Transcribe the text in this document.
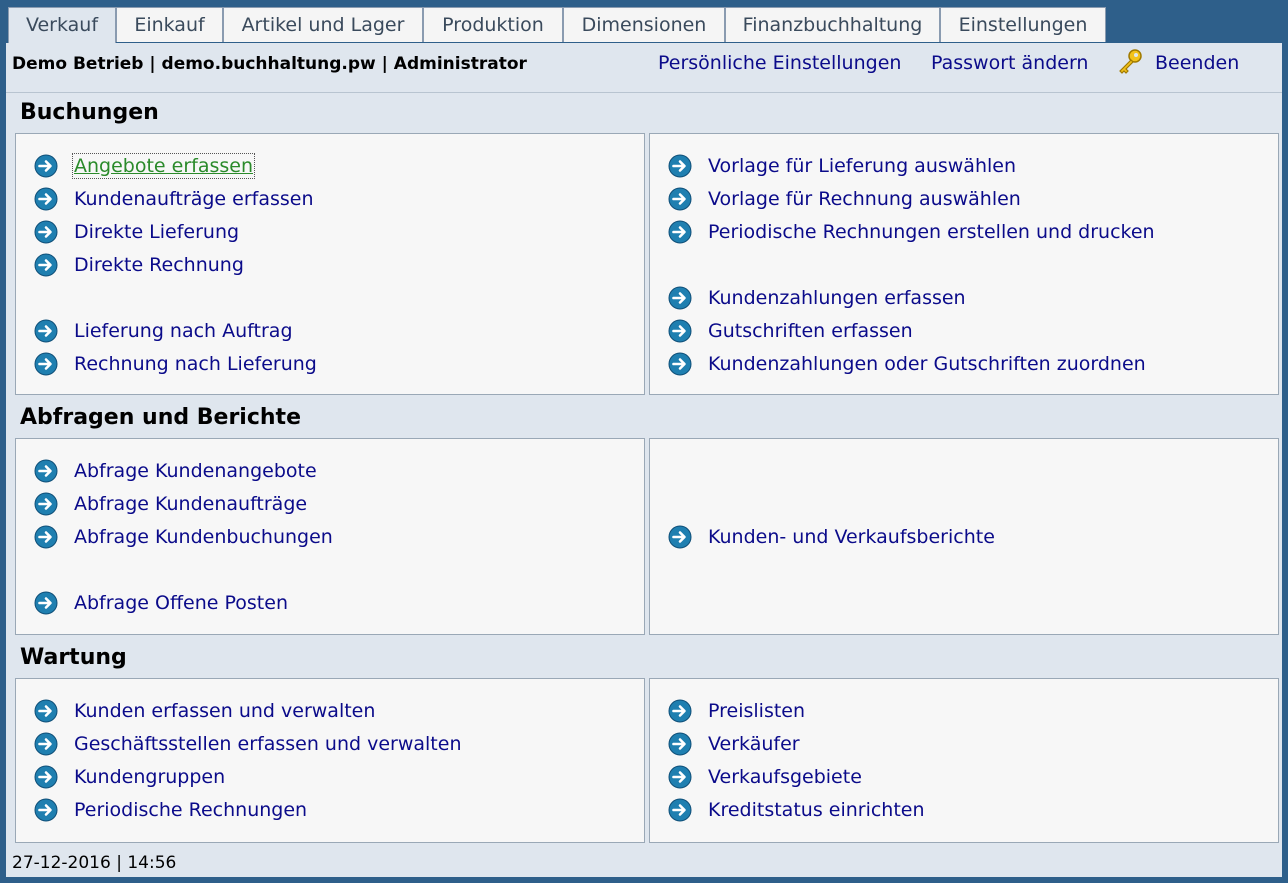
Verkauf	Einkauf	Artikel und Lager	Produktion	Dimensionen	Finanzbuchhaltung	Einstellungen
Demo Betrieb | demo.buchhaltung.pw | Administrator	Persönliche Einstellungen Passwort ändern	Beenden
Buchungen
Angebote erfassen
Kundenaufträge erfassen
Direkte Lieferung
Direkte Rechnung
Lieferung nach Auftrag
Rechnung nach Lieferung
Vorlage für Lieferung auswählen
Vorlage für Rechnung auswählen
Periodische Rechnungen erstellen und drucken
Kundenzahlungen erfassen
Gutschriften erfassen
Kundenzahlungen oder Gutschriften zuordnen
Abfragen und Berichte
Abfrage Kundenangebote
Abfrage Kundenaufträge
Abfrage Kundenbuchungen
Abfrage Offene Posten
Kunden- und Verkaufsberichte
Wartung
Kunden erfassen und verwalten
Geschäftsstellen erfassen und verwalten
Kundengruppen
Periodische Rechnungen
Preislisten
Verkäufer
Verkaufsgebiete
Kreditstatus einrichten
27-12-2016 | 14:56
